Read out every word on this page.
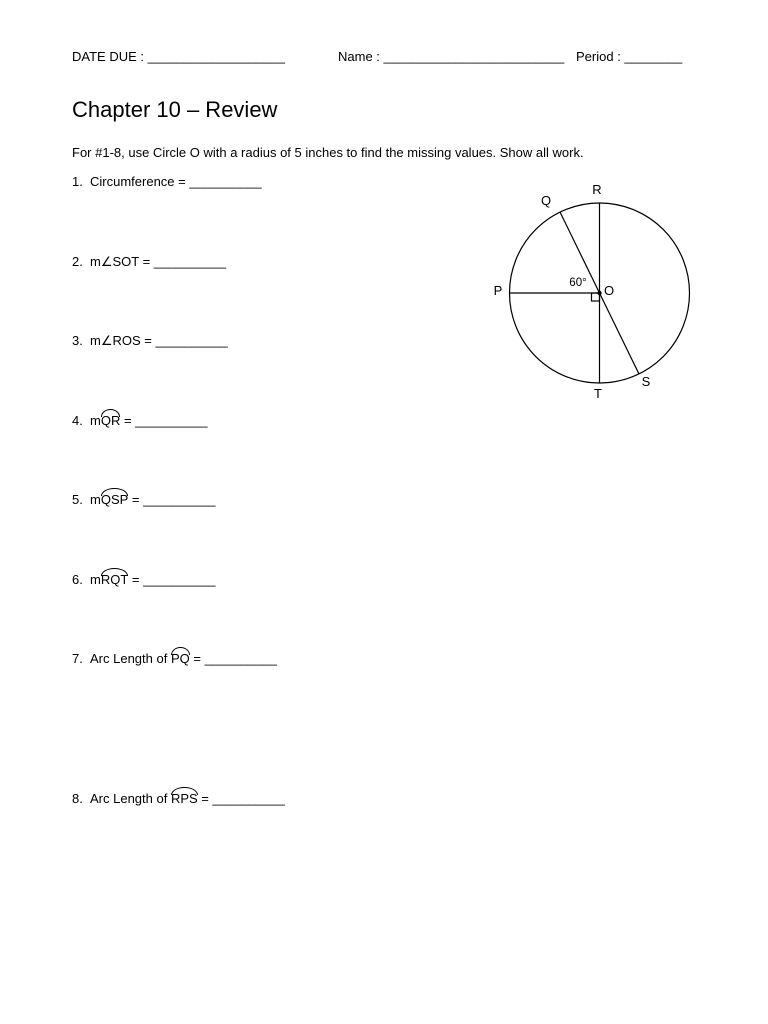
DATE DUE : ___________________	Name : _________________________ Period : ________
Chapter 10 – Review
For #1-8, use Circle O with a radius of 5 inches to find the missing values. Show all work.

1.

Circumference = __________

2.

m∠SOT = __________

3.

m∠ROS = __________

4.

mQR = __________

5.

mQSP = __________

6.

mRQT = __________

7.

Arc Length of PQ = __________

8.

Arc Length of RPS = __________

R
Q
P	O
T
S
60°
